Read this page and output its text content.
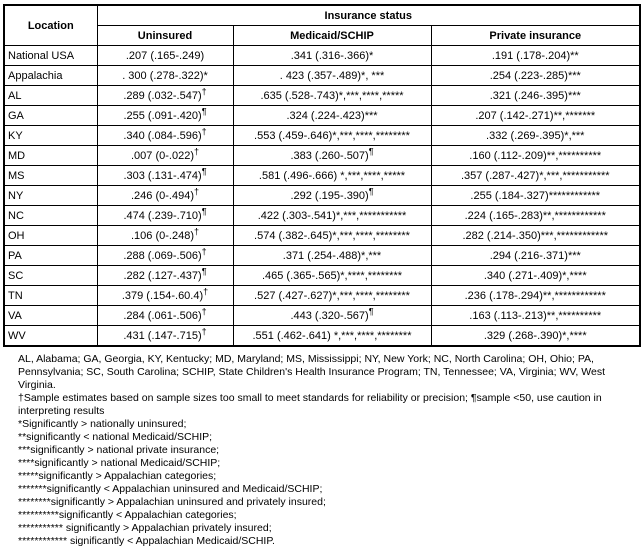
Location	Insurance status		
	Uninsured	Medicaid/SCHIP	Private insurance
National USA	.207 (.165-.249)	.341 (.316-.366)*	.191 (.178-.204)**
Appalachia	. 300 (.278-.322)*	. 423 (.357-.489)*, ***	.254 (.223-.285)***
AL	.289 (.032-.547)†	.635 (.528-.743)*,***,****,*****	.321 (.246-.395)***
GA	.255 (.091-.420)¶	.324 (.224-.423)***	.207 (.142-.271)**,*******
KY	.340 (.084-.596)†	.553 (.459-.646)*,***,****,********	.332 (.269-.395)*,***
MD	.007 (0-.022)†	.383 (.260-.507)¶	.160 (.112-.209)**,**********
MS	.303 (.131-.474)¶	.581 (.496-.666) *,***,****,*****	.357 (.287-.427)*,***,***********
NY	.246 (0-.494)†	.292 (.195-.390)¶	.255 (.184-.327)************
NC	.474 (.239-.710)¶	.422 (.303-.541)*,***,***********	.224 (.165-.283)**,************
OH	.106 (0-.248)†	.574 (.382-.645)*,***,****,********	.282 (.214-.350)***,************
PA	.288 (.069-.506)†	.371 (.254-.488)*,***	.294 (.216-.371)***
SC	.282 (.127-.437)¶	.465 (.365-.565)*,****,********	.340 (.271-.409)*,****
TN	.379 (.154-.60.4)†	.527 (.427-.627)*,***,****,********	.236 (.178-.294)**,************
VA	.284 (.061-.506)†	.443 (.320-.567)¶	.163 (.113-.213)**,**********
WV	.431 (.147-.715)†	.551 (.462-.641) *,***,****,********	.329 (.268-.390)*,****
AL, Alabama; GA, Georgia, KY, Kentucky; MD, Maryland; MS, Mississippi; NY, New York; NC, North Carolina; OH, Ohio; PA, Pennsylvania; SC, South Carolina; SCHIP, State Children's Health Insurance Program; TN, Tennessee; VA, Virginia; WV, West Virginia.
†Sample estimates based on sample sizes too small to meet standards for reliability or precision; ¶sample <50, use caution in interpreting results
*Significantly > nationally uninsured;
**significantly < national Medicaid/SCHIP;
***significantly > national private insurance;
****significantly > national Medicaid/SCHIP;
*****significantly > Appalachian categories;
*******significantly < Appalachian uninsured and Medicaid/SCHIP;
********significantly > Appalachian uninsured and privately insured;
**********significantly < Appalachian categories;
*********** significantly > Appalachian privately insured;
************ significantly < Appalachian Medicaid/SCHIP.
